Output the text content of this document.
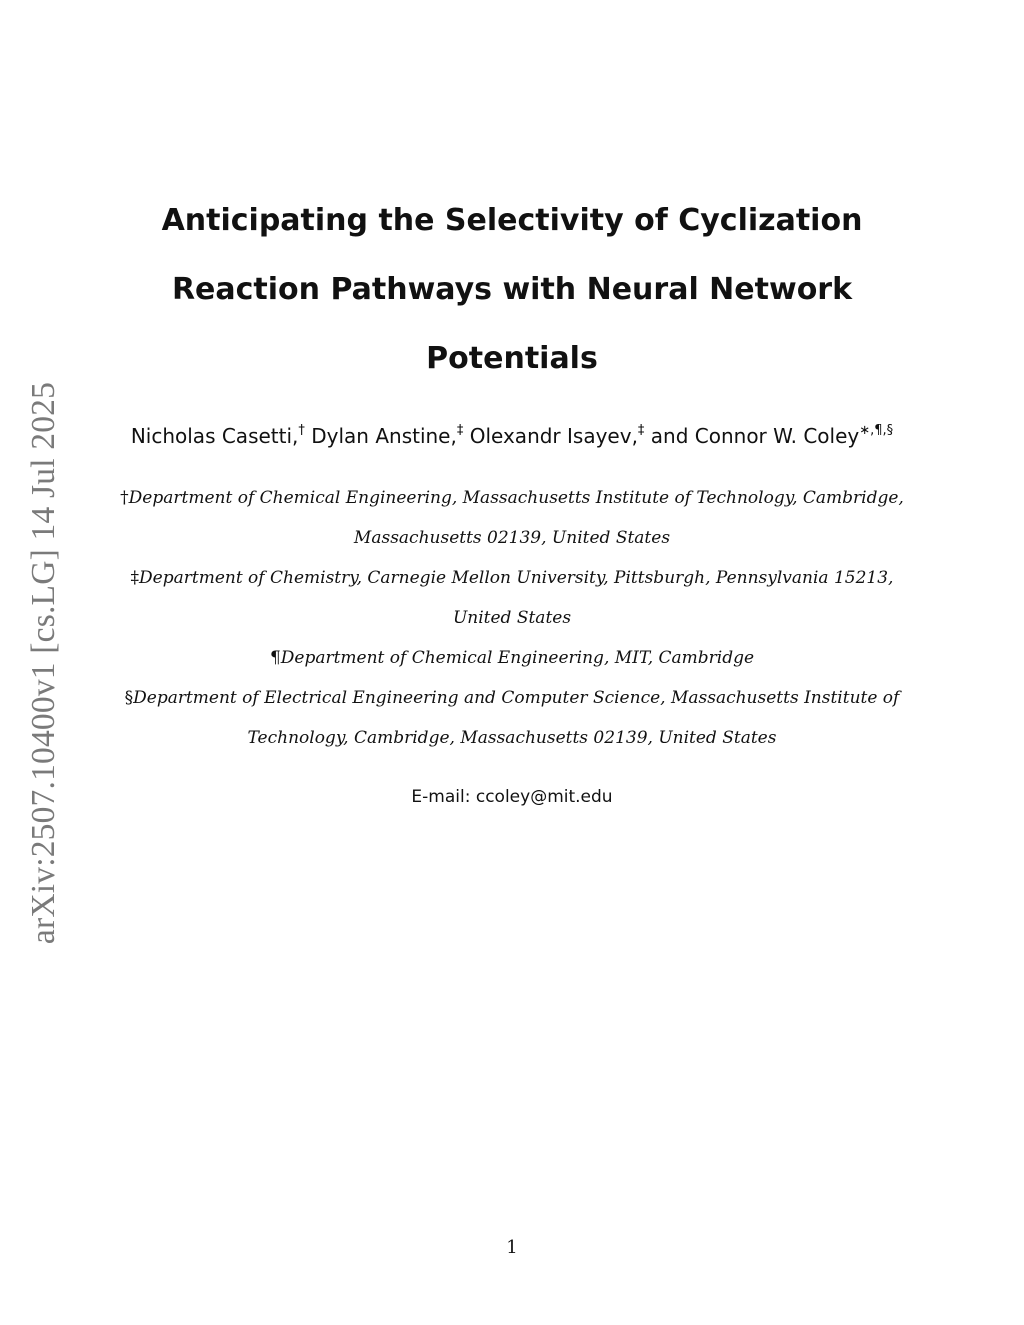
arXiv:2507.10400v1 [cs.LG] 14 Jul 2025
Anticipating the Selectivity of Cyclization
Reaction Pathways with Neural Network
Potentials
Nicholas Casetti,† Dylan Anstine,‡ Olexandr Isayev,‡ and Connor W. Coley∗,¶,§
†Department of Chemical Engineering, Massachusetts Institute of Technology, Cambridge,
Massachusetts 02139, United States
‡Department of Chemistry, Carnegie Mellon University, Pittsburgh, Pennsylvania 15213,
United States
¶Department of Chemical Engineering, MIT, Cambridge
§Department of Electrical Engineering and Computer Science, Massachusetts Institute of
Technology, Cambridge, Massachusetts 02139, United States
E-mail: ccoley@mit.edu
1
